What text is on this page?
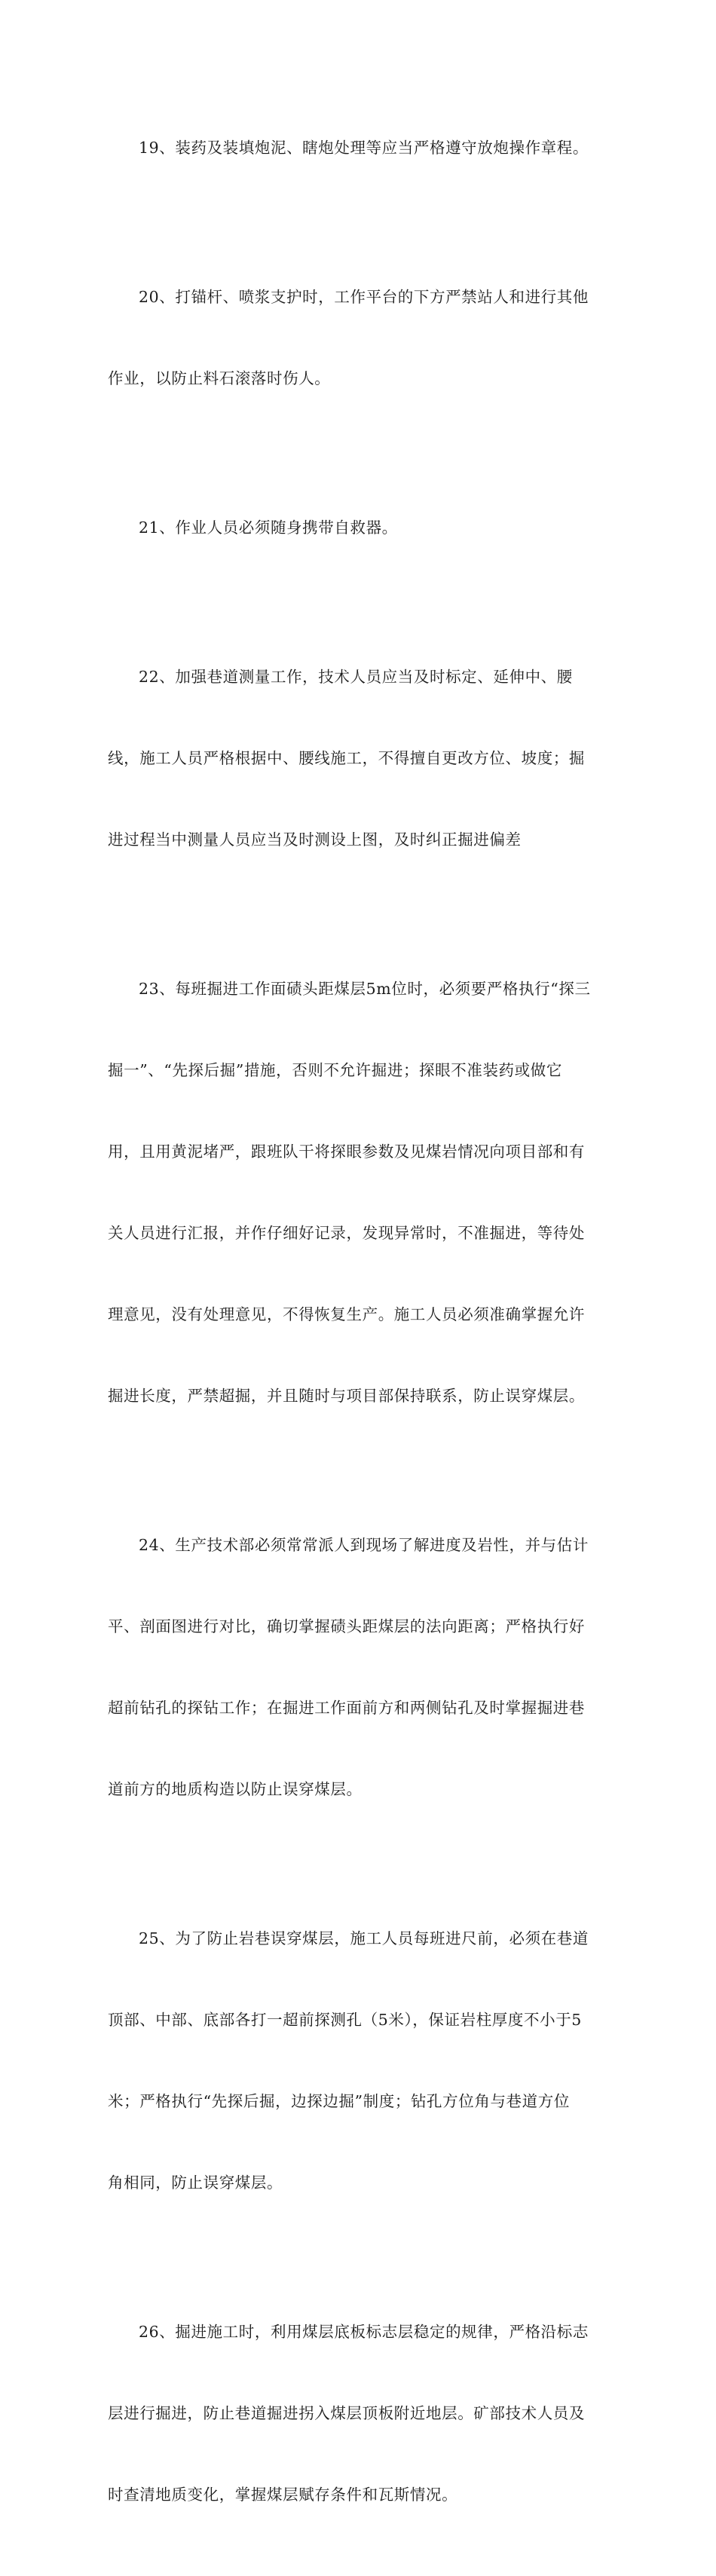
19、装药及装填炮泥、瞎炮处理等应当严格遵守放炮操作章程。

20、打锚杆、喷浆支护时，工作平台的下方严禁站人和进行其他

作业，以防止料石滚落时伤人。

21、作业人员必须随身携带自救器。

22、加强巷道测量工作，技术人员应当及时标定、延伸中、腰

线，施工人员严格根据中、腰线施工，不得擅自更改方位、坡度；掘

进过程当中测量人员应当及时测设上图，及时纠正掘进偏差

23、每班掘进工作面碛头距煤层5m位时，必须要严格执行“探三

掘一”、“先探后掘”措施，否则不允许掘进；探眼不准装药或做它

用，且用黄泥堵严，跟班队干将探眼参数及见煤岩情况向项目部和有

关人员进行汇报，并作仔细好记录，发现异常时，不准掘进，等待处

理意见，没有处理意见，不得恢复生产。施工人员必须准确掌握允许

掘进长度，严禁超掘，并且随时与项目部保持联系，防止误穿煤层。

24、生产技术部必须常常派人到现场了解进度及岩性，并与估计

平、剖面图进行对比，确切掌握碛头距煤层的法向距离；严格执行好

超前钻孔的探钻工作；在掘进工作面前方和两侧钻孔及时掌握掘进巷

道前方的地质构造以防止误穿煤层。

25、为了防止岩巷误穿煤层，施工人员每班进尺前，必须在巷道

顶部、中部、底部各打一超前探测孔（5米），保证岩柱厚度不小于5

米；严格执行“先探后掘，边探边掘”制度；钻孔方位角与巷道方位

角相同，防止误穿煤层。

26、掘进施工时，利用煤层底板标志层稳定的规律，严格沿标志

层进行掘进，防止巷道掘进拐入煤层顶板附近地层。矿部技术人员及

时查清地质变化，掌握煤层赋存条件和瓦斯情况。
